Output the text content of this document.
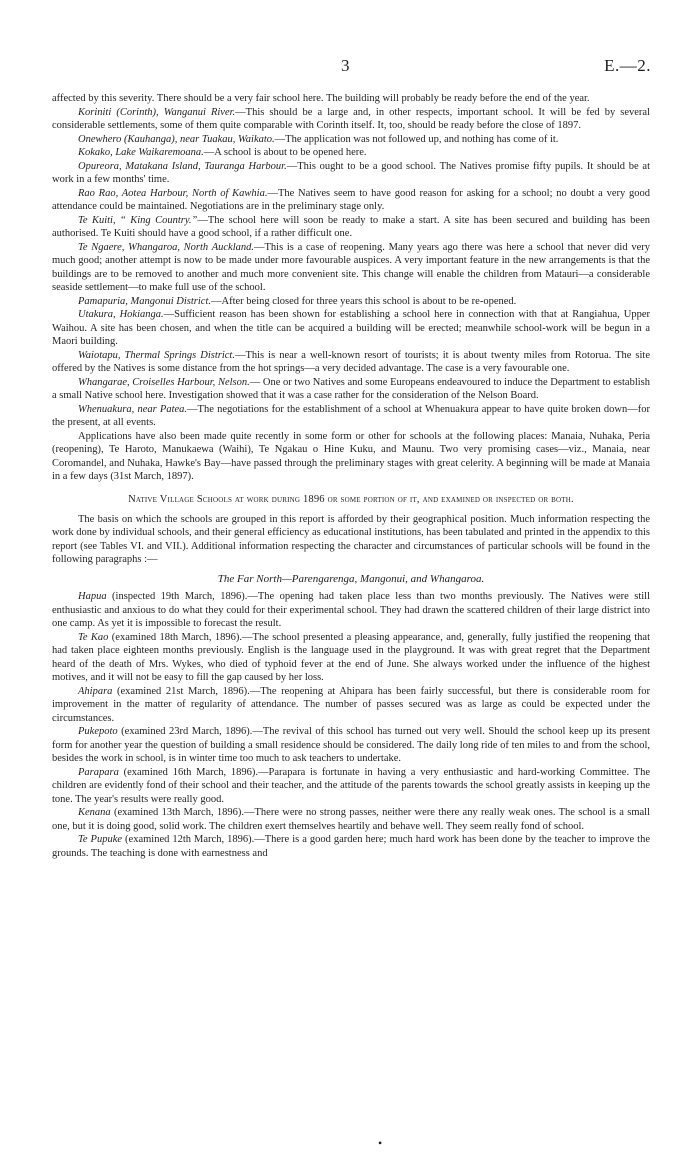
3	E.—2.

affected by this severity. There should be a very fair school here. The building will probably be ready before the end of the year.

Koriniti (Corinth), Wanganui River.—This should be a large and, in other respects, important school. It will be fed by several considerable settlements, some of them quite comparable with Corinth itself. It, too, should be ready before the close of 1897.

Onewhero (Kauhanga), near Tuakau, Waikato.—The application was not followed up, and nothing has come of it.

Kokako, Lake Waikaremoana.—A school is about to be opened here.

Opureora, Matakana Island, Tauranga Harbour.—This ought to be a good school. The Natives promise fifty pupils. It should be at work in a few months' time.

Rao Rao, Aotea Harbour, North of Kawhia.—The Natives seem to have good reason for asking for a school; no doubt a very good attendance could be maintained. Negotiations are in the preliminary stage only.

Te Kuiti, “ King Country.”—The school here will soon be ready to make a start. A site has been secured and building has been authorised. Te Kuiti should have a good school, if a rather difficult one.

Te Ngaere, Whangaroa, North Auckland.—This is a case of reopening. Many years ago there was here a school that never did very much good; another attempt is now to be made under more favourable auspices. A very important feature in the new arrangements is that the buildings are to be removed to another and much more convenient site. This change will enable the children from Matauri—a considerable seaside settlement—to make full use of the school.

Pamapuria, Mangonui District.—After being closed for three years this school is about to be re-opened.

Utakura, Hokianga.—Sufficient reason has been shown for establishing a school here in connection with that at Rangiahua, Upper Waihou. A site has been chosen, and when the title can be acquired a building will be erected; meanwhile school-work will be begun in a Maori building.

Waiotapu, Thermal Springs District.—This is near a well-known resort of tourists; it is about twenty miles from Rotorua. The site offered by the Natives is some distance from the hot springs—a very decided advantage. The case is a very favourable one.

Whangarae, Croiselles Harbour, Nelson.— One or two Natives and some Europeans endeavoured to induce the Department to establish a small Native school here. Investigation showed that it was a case rather for the consideration of the Nelson Board.

Whenuakura, near Patea.—The negotiations for the establishment of a school at Whenuakura appear to have quite broken down—for the present, at all events.

Applications have also been made quite recently in some form or other for schools at the following places: Manaia, Nuhaka, Peria (reopening), Te Haroto, Manukaewa (Waihi), Te Ngakau o Hine Kuku, and Maunu. Two very promising cases—viz., Manaia, near Coromandel, and Nuhaka, Hawke's Bay—have passed through the preliminary stages with great celerity. A beginning will be made at Manaia in a few days (31st March, 1897).

Native Village Schools at work during 1896 or some portion of it, and examined or inspected or both.

The basis on which the schools are grouped in this report is afforded by their geographical position. Much information respecting the work done by individual schools, and their general efficiency as educational institutions, has been tabulated and printed in the appendix to this report (see Tables VI. and VII.). Additional information respecting the character and circumstances of particular schools will be found in the following paragraphs :—

The Far North—Parengarenga, Mangonui, and Whangaroa.

Hapua (inspected 19th March, 1896).—The opening had taken place less than two months previously. The Natives were still enthusiastic and anxious to do what they could for their experimental school. They had drawn the scattered children of their large district into one camp. As yet it is impossible to forecast the result.

Te Kao (examined 18th March, 1896).—The school presented a pleasing appearance, and, generally, fully justified the reopening that had taken place eighteen months previously. English is the language used in the playground. It was with great regret that the Department heard of the death of Mrs. Wykes, who died of typhoid fever at the end of June. She always worked under the influence of the highest motives, and it will not be easy to fill the gap caused by her loss.

Ahipara (examined 21st March, 1896).—The reopening at Ahipara has been fairly successful, but there is considerable room for improvement in the matter of regularity of attendance. The number of passes secured was as large as could be expected under the circumstances.

Pukepoto (examined 23rd March, 1896).—The revival of this school has turned out very well. Should the school keep up its present form for another year the question of building a small residence should be considered. The daily long ride of ten miles to and from the school, besides the work in school, is in winter time too much to ask teachers to undertake.

Parapara (examined 16th March, 1896).—Parapara is fortunate in having a very enthusiastic and hard-working Committee. The children are evidently fond of their school and their teacher, and the attitude of the parents towards the school greatly assists in keeping up the tone. The year's results were really good.

Kenana (examined 13th March, 1896).—There were no strong passes, neither were there any really weak ones. The school is a small one, but it is doing good, solid work. The children exert themselves heartily and behave well. They seem really fond of school.

Te Pupuke (examined 12th March, 1896).—There is a good garden here; much hard work has been done by the teacher to improve the grounds. The teaching is done with earnestness and

•
